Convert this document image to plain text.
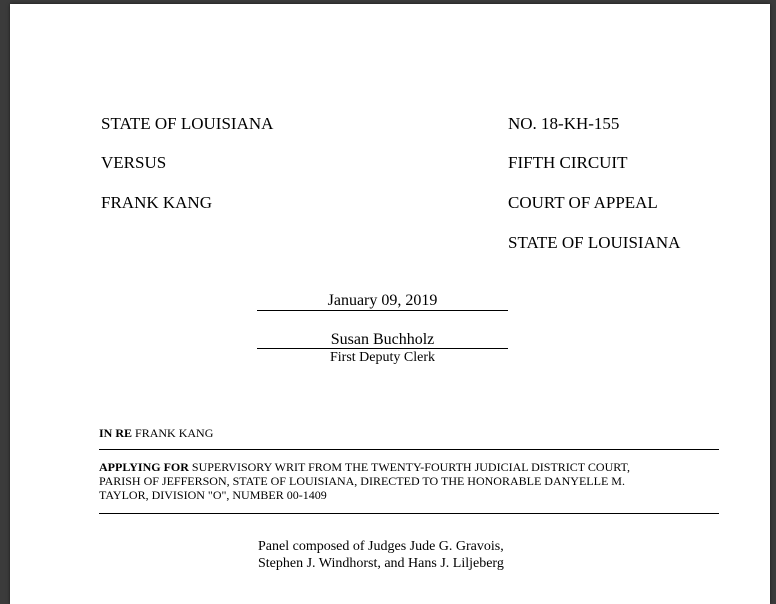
STATE OF LOUISIANA
VERSUS
FRANK KANG
NO. 18-KH-155
FIFTH CIRCUIT
COURT OF APPEAL
STATE OF LOUISIANA
January 09, 2019
Susan Buchholz
First Deputy Clerk
IN RE FRANK KANG
APPLYING FOR SUPERVISORY WRIT FROM THE TWENTY-FOURTH JUDICIAL DISTRICT COURT,
PARISH OF JEFFERSON, STATE OF LOUISIANA, DIRECTED TO THE HONORABLE DANYELLE M.
TAYLOR, DIVISION "O", NUMBER 00-1409
Panel composed of Judges Jude G. Gravois,
Stephen J. Windhorst, and Hans J. Liljeberg
